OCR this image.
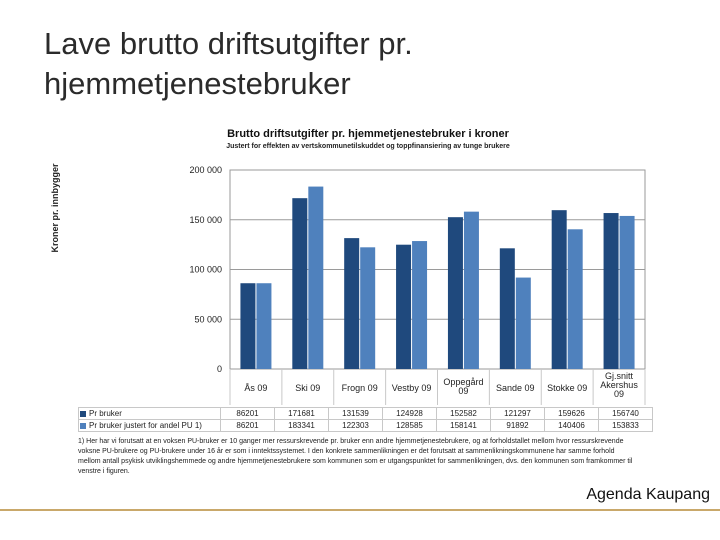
Lave brutto driftsutgifter pr.
hjemmetjenestebruker
Brutto driftsutgifter pr. hjemmetjenestebruker i kroner
Justert for effekten av vertskommunetilskuddet og toppfinansiering av tunge brukere
Kroner pr. innbygger
0
50 000
100 000
150 000
200 000
Ås 09	Ski 09 Frogn 09 Vestby 09
Oppegård
09	Sande 09 Stokke 09
Gj.snitt
Akershus
09
Pr bruker	86201	171681	131539	124928	152582	121297	159626	156740
Pr bruker justert for andel PU 1)	86201	183341	122303	128585	158141	91892	140406	153833
1) Her har vi forutsatt at en voksen PU-bruker er 10 ganger mer ressurskrevende pr. bruker enn andre hjemmetjenestebrukere, og at forholdstallet mellom hvor ressurskrevende voksne PU-brukere og PU-brukere under 16 år er som i inntektssystemet. I den konkrete sammenlikningen er det forutsatt at sammenlikningskommunene har samme forhold mellom antall psykisk utviklingshemmede og andre hjemmetjenestebrukere som kommunen som er utgangspunktet for sammenlikningen, dvs. den kommunen som framkommer til venstre i figuren.
Agenda Kaupang
